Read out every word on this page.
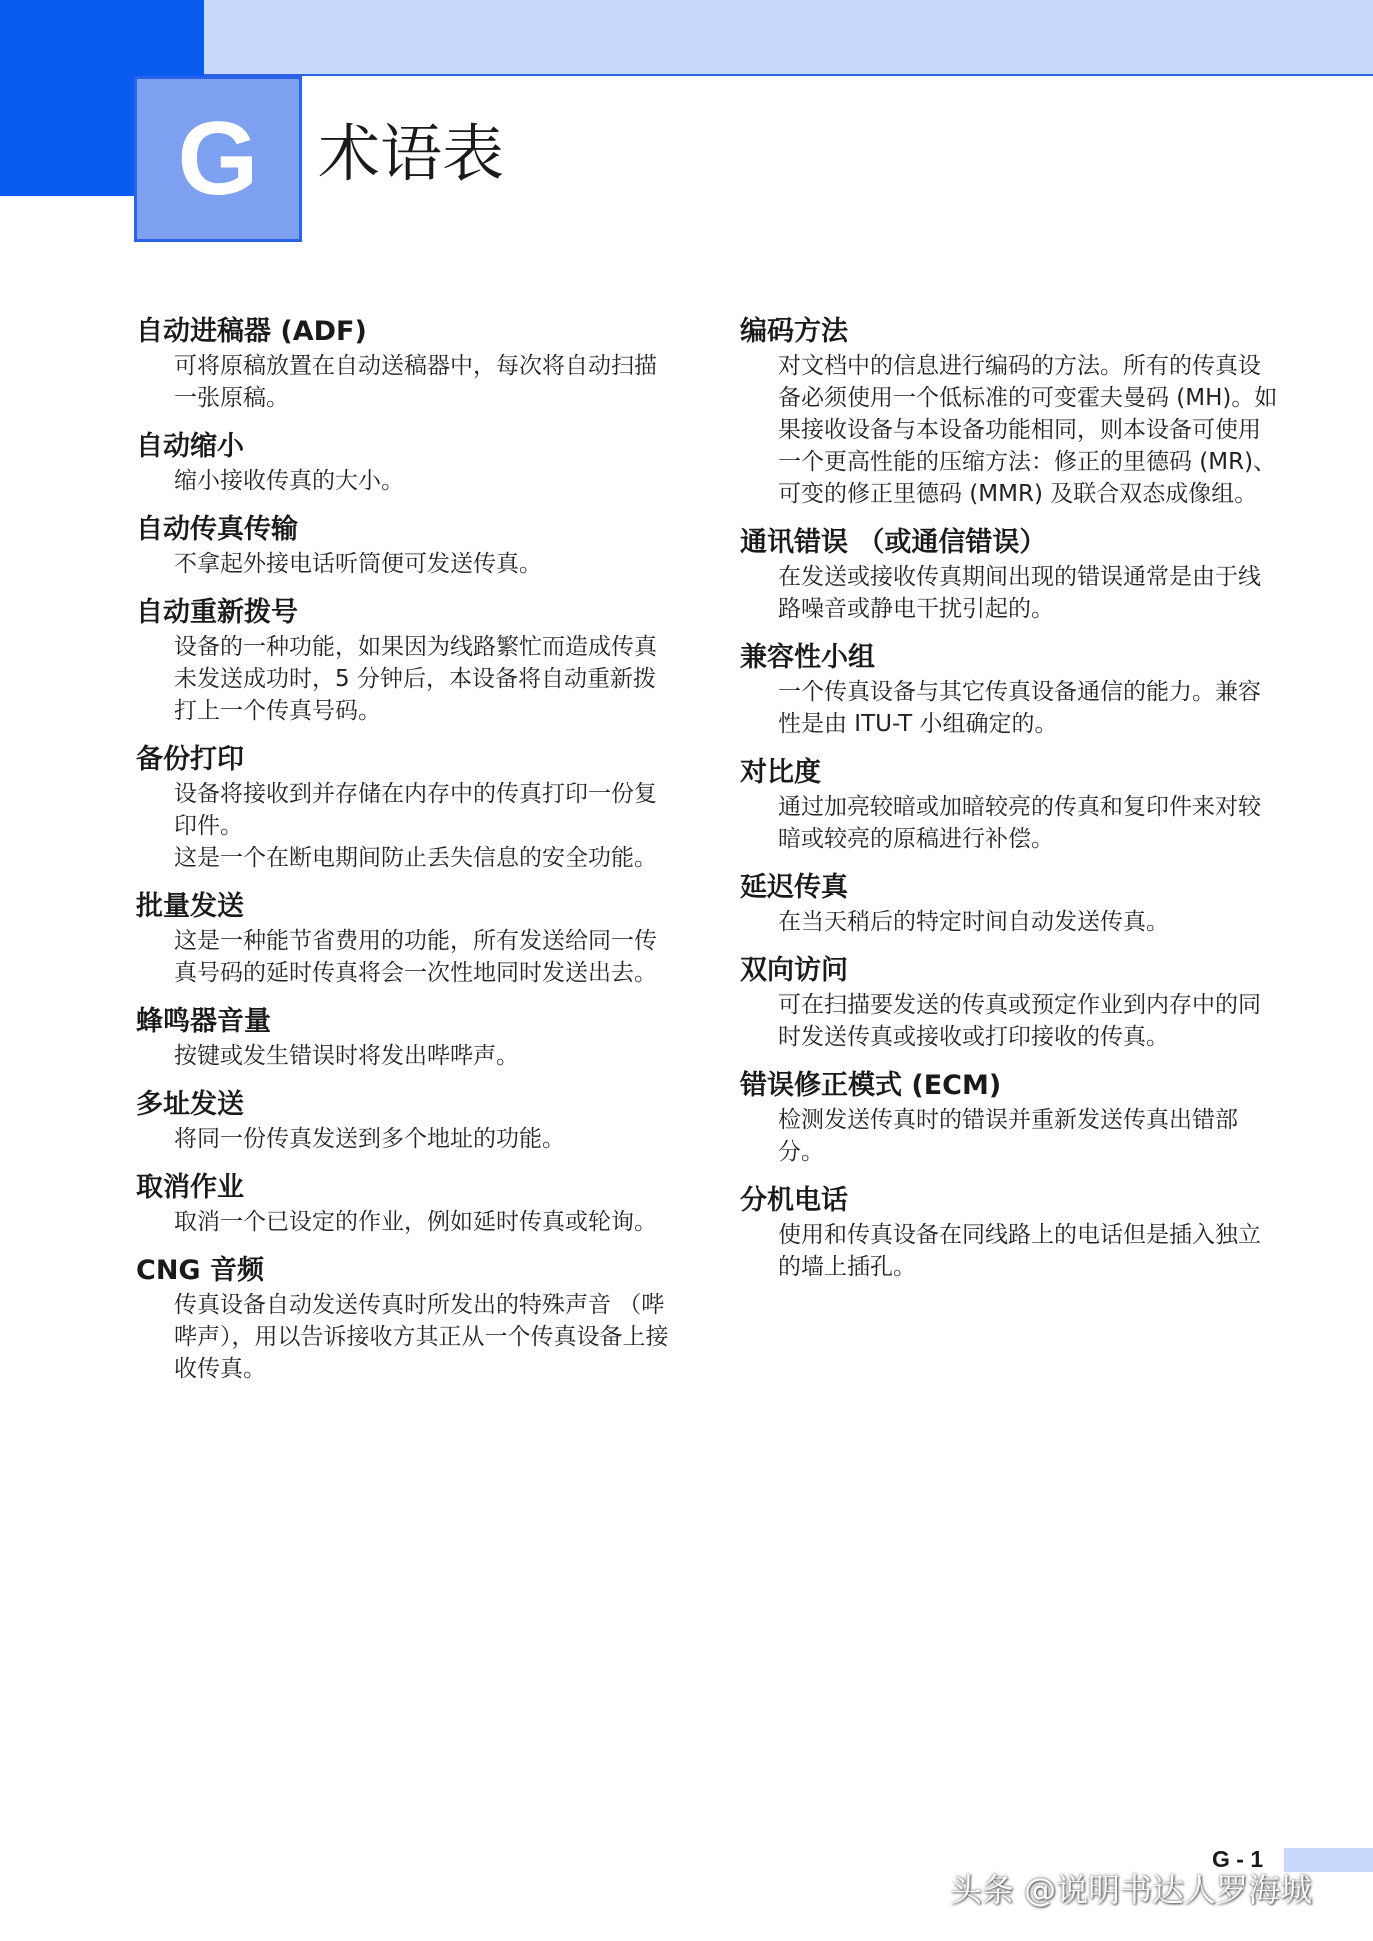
G 术语表
自动进稿器 (ADF)

可将原稿放置在自动送稿器中，每次将自动扫描一张原稿。

自动缩小

缩小接收传真的大小。

自动传真传输

不拿起外接电话听筒便可发送传真。

自动重新拨号

设备的一种功能，如果因为线路繁忙而造成传真未发送成功时，5 分钟后，本设备将自动重新拨打上一个传真号码。

备份打印

设备将接收到并存储在内存中的传真打印一份复印件。

这是一个在断电期间防止丢失信息的安全功能。

批量发送

这是一种能节省费用的功能，所有发送给同一传真号码的延时传真将会一次性地同时发送出去。

蜂鸣器音量

按键或发生错误时将发出哔哔声。

多址发送

将同一份传真发送到多个地址的功能。

取消作业

取消一个已设定的作业，例如延时传真或轮询。

CNG 音频

传真设备自动发送传真时所发出的特殊声音 （哔哔声），用以告诉接收方其正从一个传真设备上接收传真。

编码方法

对文档中的信息进行编码的方法。所有的传真设备必须使用一个低标准的可变霍夫曼码 (MH)。如果接收设备与本设备功能相同，则本设备可使用一个更高性能的压缩方法：修正的里德码 (MR)、可变的修正里德码 (MMR) 及联合双态成像组。

通讯错误 （或通信错误）

在发送或接收传真期间出现的错误通常是由于线路噪音或静电干扰引起的。

兼容性小组

一个传真设备与其它传真设备通信的能力。兼容性是由 ITU-T 小组确定的。

对比度

通过加亮较暗或加暗较亮的传真和复印件来对较暗或较亮的原稿进行补偿。

延迟传真

在当天稍后的特定时间自动发送传真。

双向访问

可在扫描要发送的传真或预定作业到内存中的同时发送传真或接收或打印接收的传真。

错误修正模式 (ECM)

检测发送传真时的错误并重新发送传真出错部分。

分机电话

使用和传真设备在同线路上的电话但是插入独立的墙上插孔。

G - 1
头条 @说明书达人罗海城
